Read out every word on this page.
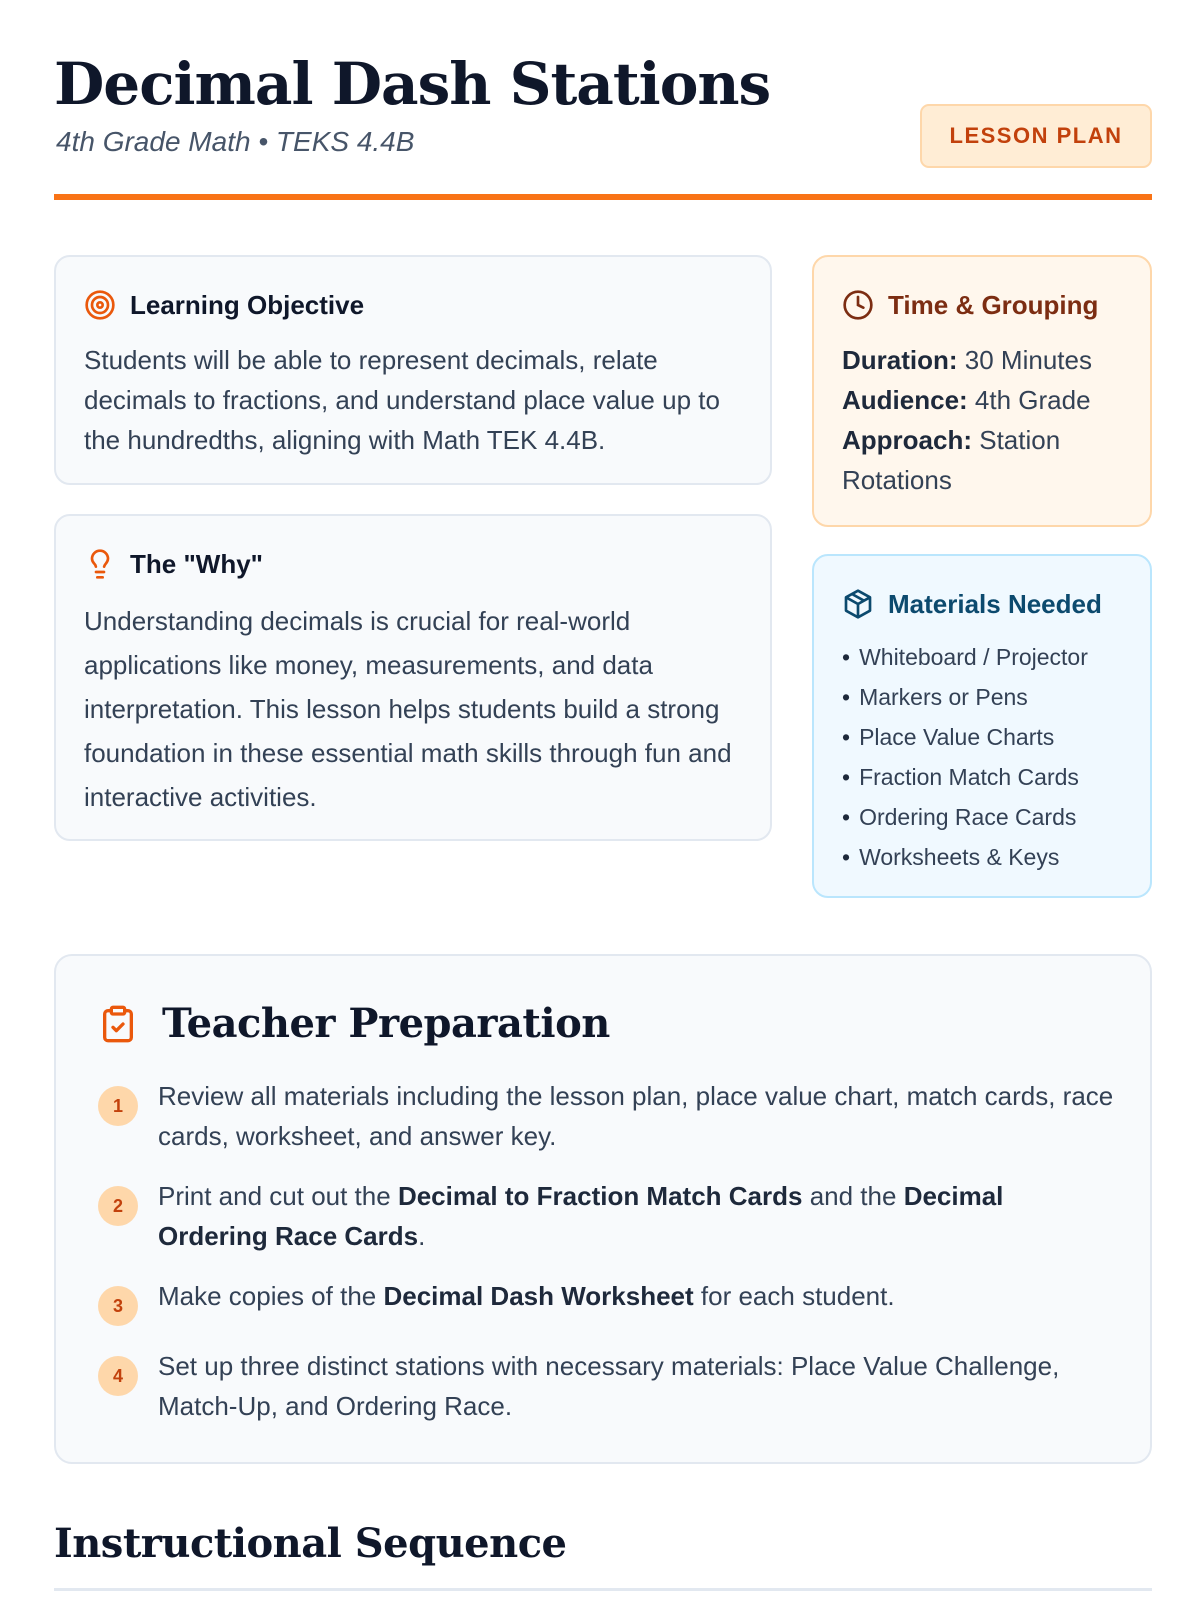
Decimal Dash Stations
4th Grade Math • TEKS 4.4B	LESSON PLAN
Learning Objective

Students will be able to represent decimals, relate decimals to fractions, and understand place value up to the hundredths, aligning with Math TEK 4.4B.

The "Why"

Understanding decimals is crucial for real-world applications like money, measurements, and data interpretation. This lesson helps students build a strong foundation in these essential math skills through fun and interactive activities.

Time & Grouping
Duration: 30 Minutes
Audience: 4th Grade
Approach: Station Rotations
Materials Needed
• Whiteboard / Projector
• Markers or Pens
• Place Value Charts
• Fraction Match Cards
• Ordering Race Cards
• Worksheets & Keys
Teacher Preparation
1	Review all materials including the lesson plan, place value chart, match cards, race cards, worksheet, and answer key.
2	Print and cut out the Decimal to Fraction Match Cards and the Decimal Ordering Race Cards.
3	Make copies of the Decimal Dash Worksheet for each student.
4	Set up three distinct stations with necessary materials: Place Value Challenge, Match-Up, and Ordering Race.
Instructional Sequence
